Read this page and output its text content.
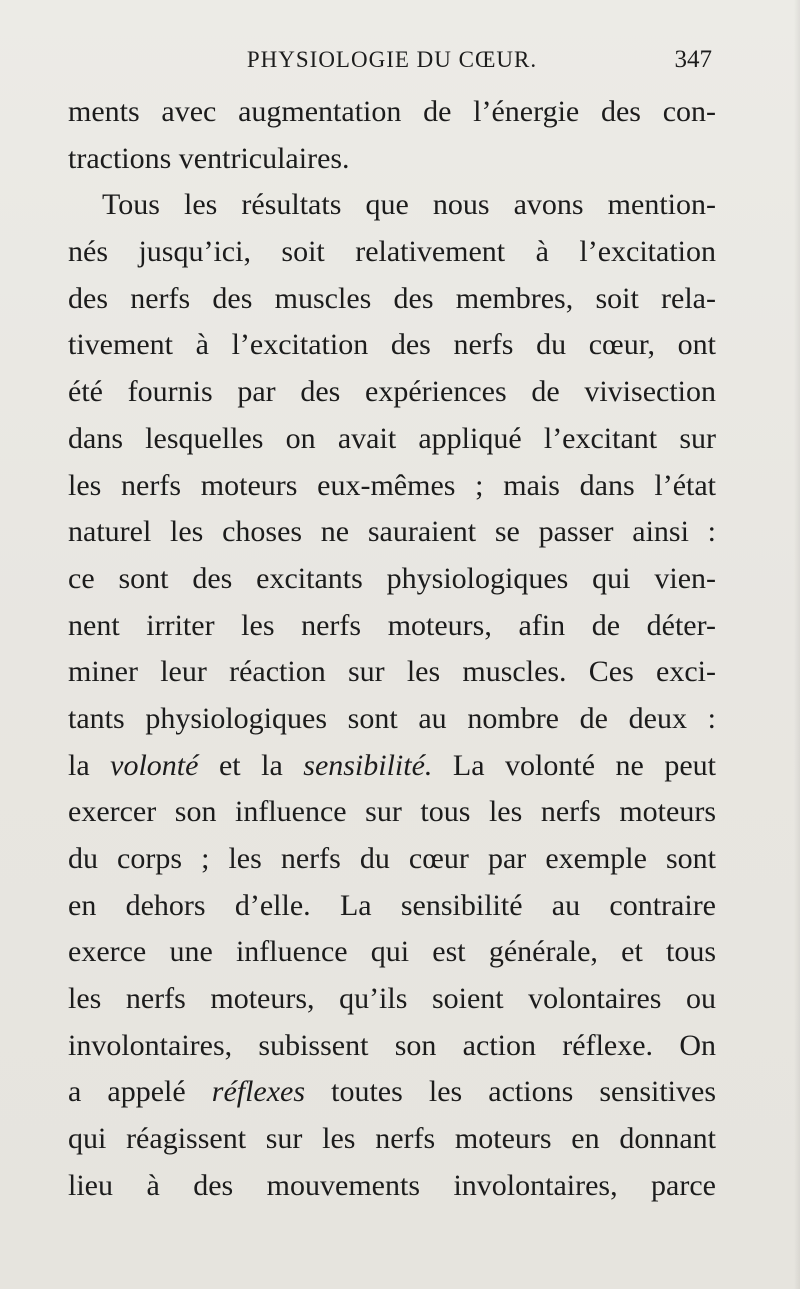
PHYSIOLOGIE DU CŒUR.	347
ments avec augmentation de l’énergie des con-
tractions ventriculaires.
Tous les résultats que nous avons mention-
nés jusqu’ici, soit relativement à l’excitation
des nerfs des muscles des membres, soit rela-
tivement à l’excitation des nerfs du cœur, ont
été fournis par des expériences de vivisection
dans lesquelles on avait appliqué l’excitant sur
les nerfs moteurs eux-mêmes ; mais dans l’état
naturel les choses ne sauraient se passer ainsi :
ce sont des excitants physiologiques qui vien-
nent irriter les nerfs moteurs, afin de déter-
miner leur réaction sur les muscles. Ces exci-
tants physiologiques sont au nombre de deux :
la volonté et la sensibilité. La volonté ne peut
exercer son influence sur tous les nerfs moteurs
du corps ; les nerfs du cœur par exemple sont
en dehors d’elle. La sensibilité au contraire
exerce une influence qui est générale, et tous
les nerfs moteurs, qu’ils soient volontaires ou
involontaires, subissent son action réflexe. On
a appelé réflexes toutes les actions sensitives
qui réagissent sur les nerfs moteurs en donnant
lieu à des mouvements involontaires, parce
